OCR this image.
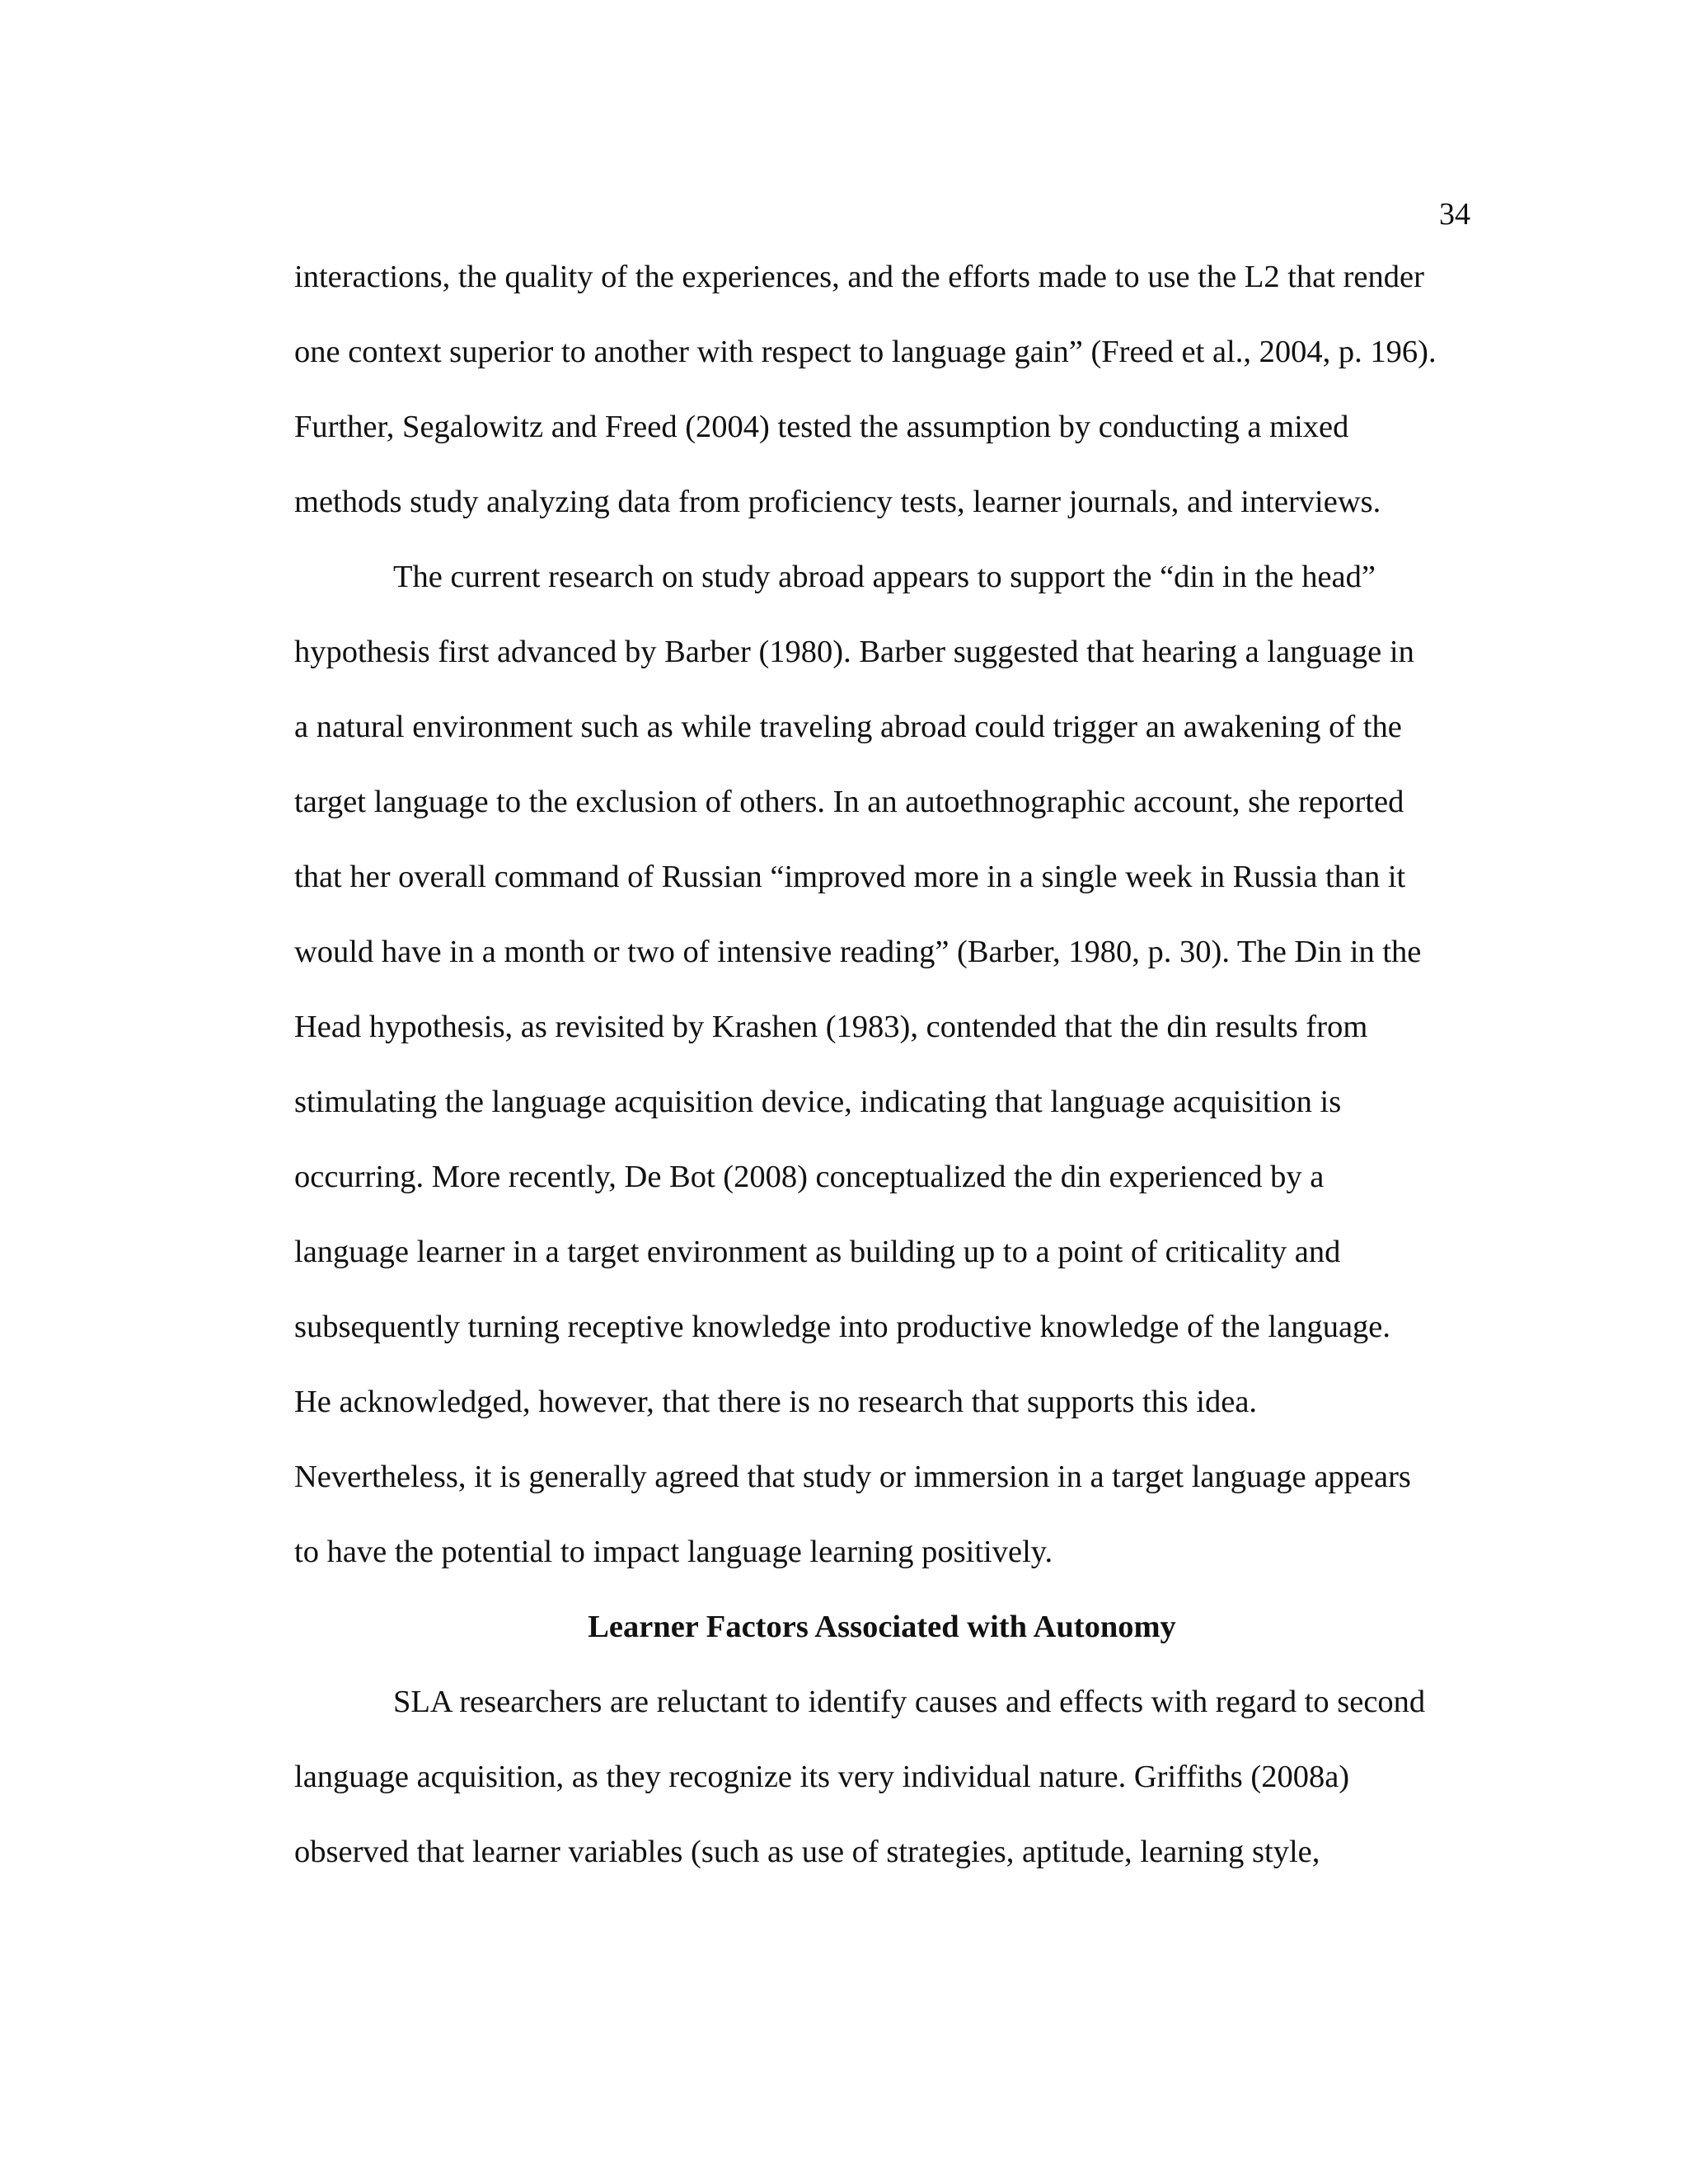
34
interactions, the quality of the experiences, and the efforts made to use the L2 that render
one context superior to another with respect to language gain” (Freed et al., 2004, p. 196).
Further, Segalowitz and Freed (2004) tested the assumption by conducting a mixed
methods study analyzing data from proficiency tests, learner journals, and interviews.
The current research on study abroad appears to support the “din in the head”
hypothesis first advanced by Barber (1980). Barber suggested that hearing a language in
a natural environment such as while traveling abroad could trigger an awakening of the
target language to the exclusion of others. In an autoethnographic account, she reported
that her overall command of Russian “improved more in a single week in Russia than it
would have in a month or two of intensive reading” (Barber, 1980, p. 30). The Din in the
Head hypothesis, as revisited by Krashen (1983), contended that the din results from
stimulating the language acquisition device, indicating that language acquisition is
occurring. More recently, De Bot (2008) conceptualized the din experienced by a
language learner in a target environment as building up to a point of criticality and
subsequently turning receptive knowledge into productive knowledge of the language.
He acknowledged, however, that there is no research that supports this idea.
Nevertheless, it is generally agreed that study or immersion in a target language appears
to have the potential to impact language learning positively.
Learner Factors Associated with Autonomy
SLA researchers are reluctant to identify causes and effects with regard to second
language acquisition, as they recognize its very individual nature. Griffiths (2008a)
observed that learner variables (such as use of strategies, aptitude, learning style,
